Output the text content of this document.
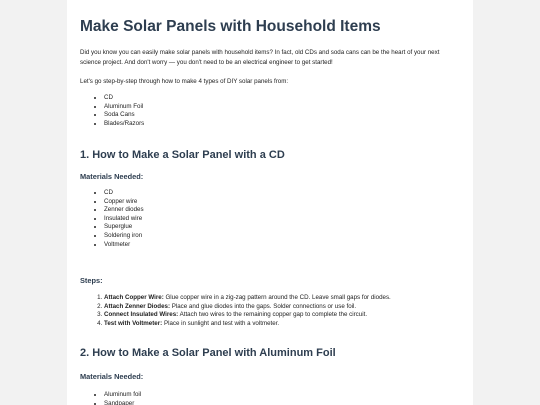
Make Solar Panels with Household Items

Did you know you can easily make solar panels with household items? In fact, old CDs and soda cans can be the heart of your next science project. And don't worry — you don't need to be an electrical engineer to get started!

Let's go step-by-step through how to make 4 types of DIY solar panels from:

• CD
• Aluminum Foil
• Soda Cans
• Blades/Razors
1. How to Make a Solar Panel with a CD
Materials Needed:
• CD
• Copper wire
• Zenner diodes
• Insulated wire
• Superglue
• Soldering iron
• Voltmeter
Steps:
1. Attach Copper Wire: Glue copper wire in a zig-zag pattern around the CD. Leave small gaps for diodes.
2. Attach Zenner Diodes: Place and glue diodes into the gaps. Solder connections or use foil.
3. Connect Insulated Wires: Attach two wires to the remaining copper gap to complete the circuit.
4. Test with Voltmeter: Place in sunlight and test with a voltmeter.
2. How to Make a Solar Panel with Aluminum Foil
Materials Needed:
• Aluminum foil
• Sandpaper
